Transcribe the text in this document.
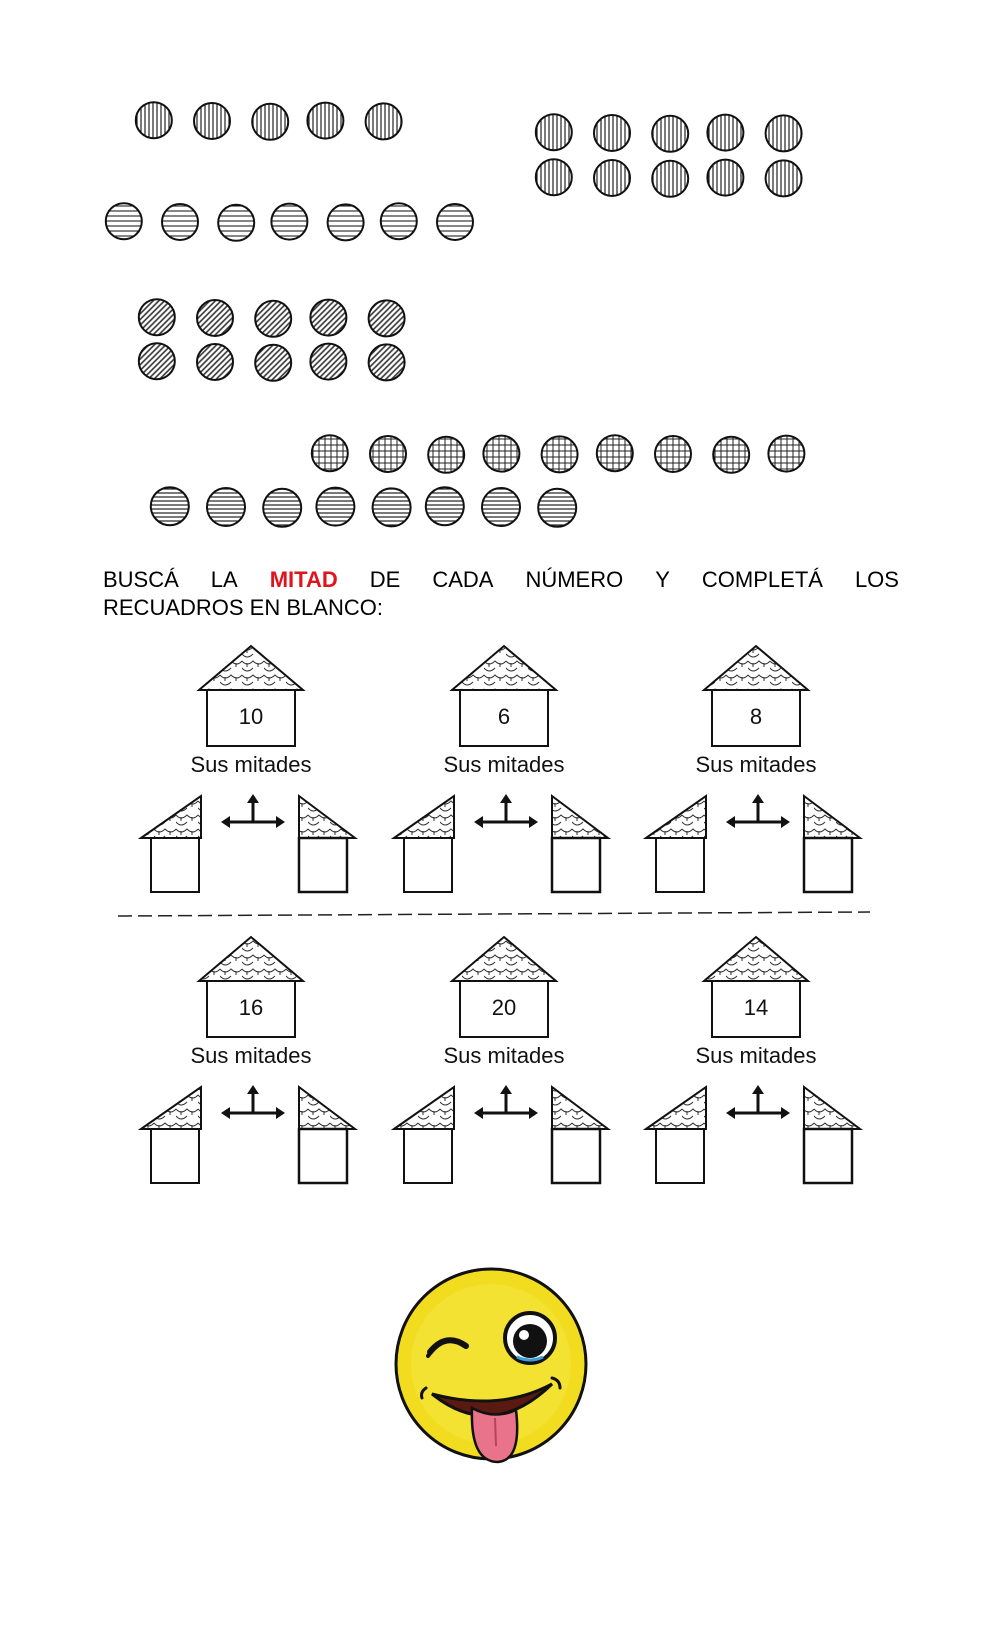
BUSCÁ LA MITAD DE CADA NÚMERO Y COMPLETÁ LOS
RECUADROS EN BLANCO:
10
Sus mitades
6
Sus mitades
8
Sus mitades
16
Sus mitades
20
Sus mitades
14
Sus mitades
